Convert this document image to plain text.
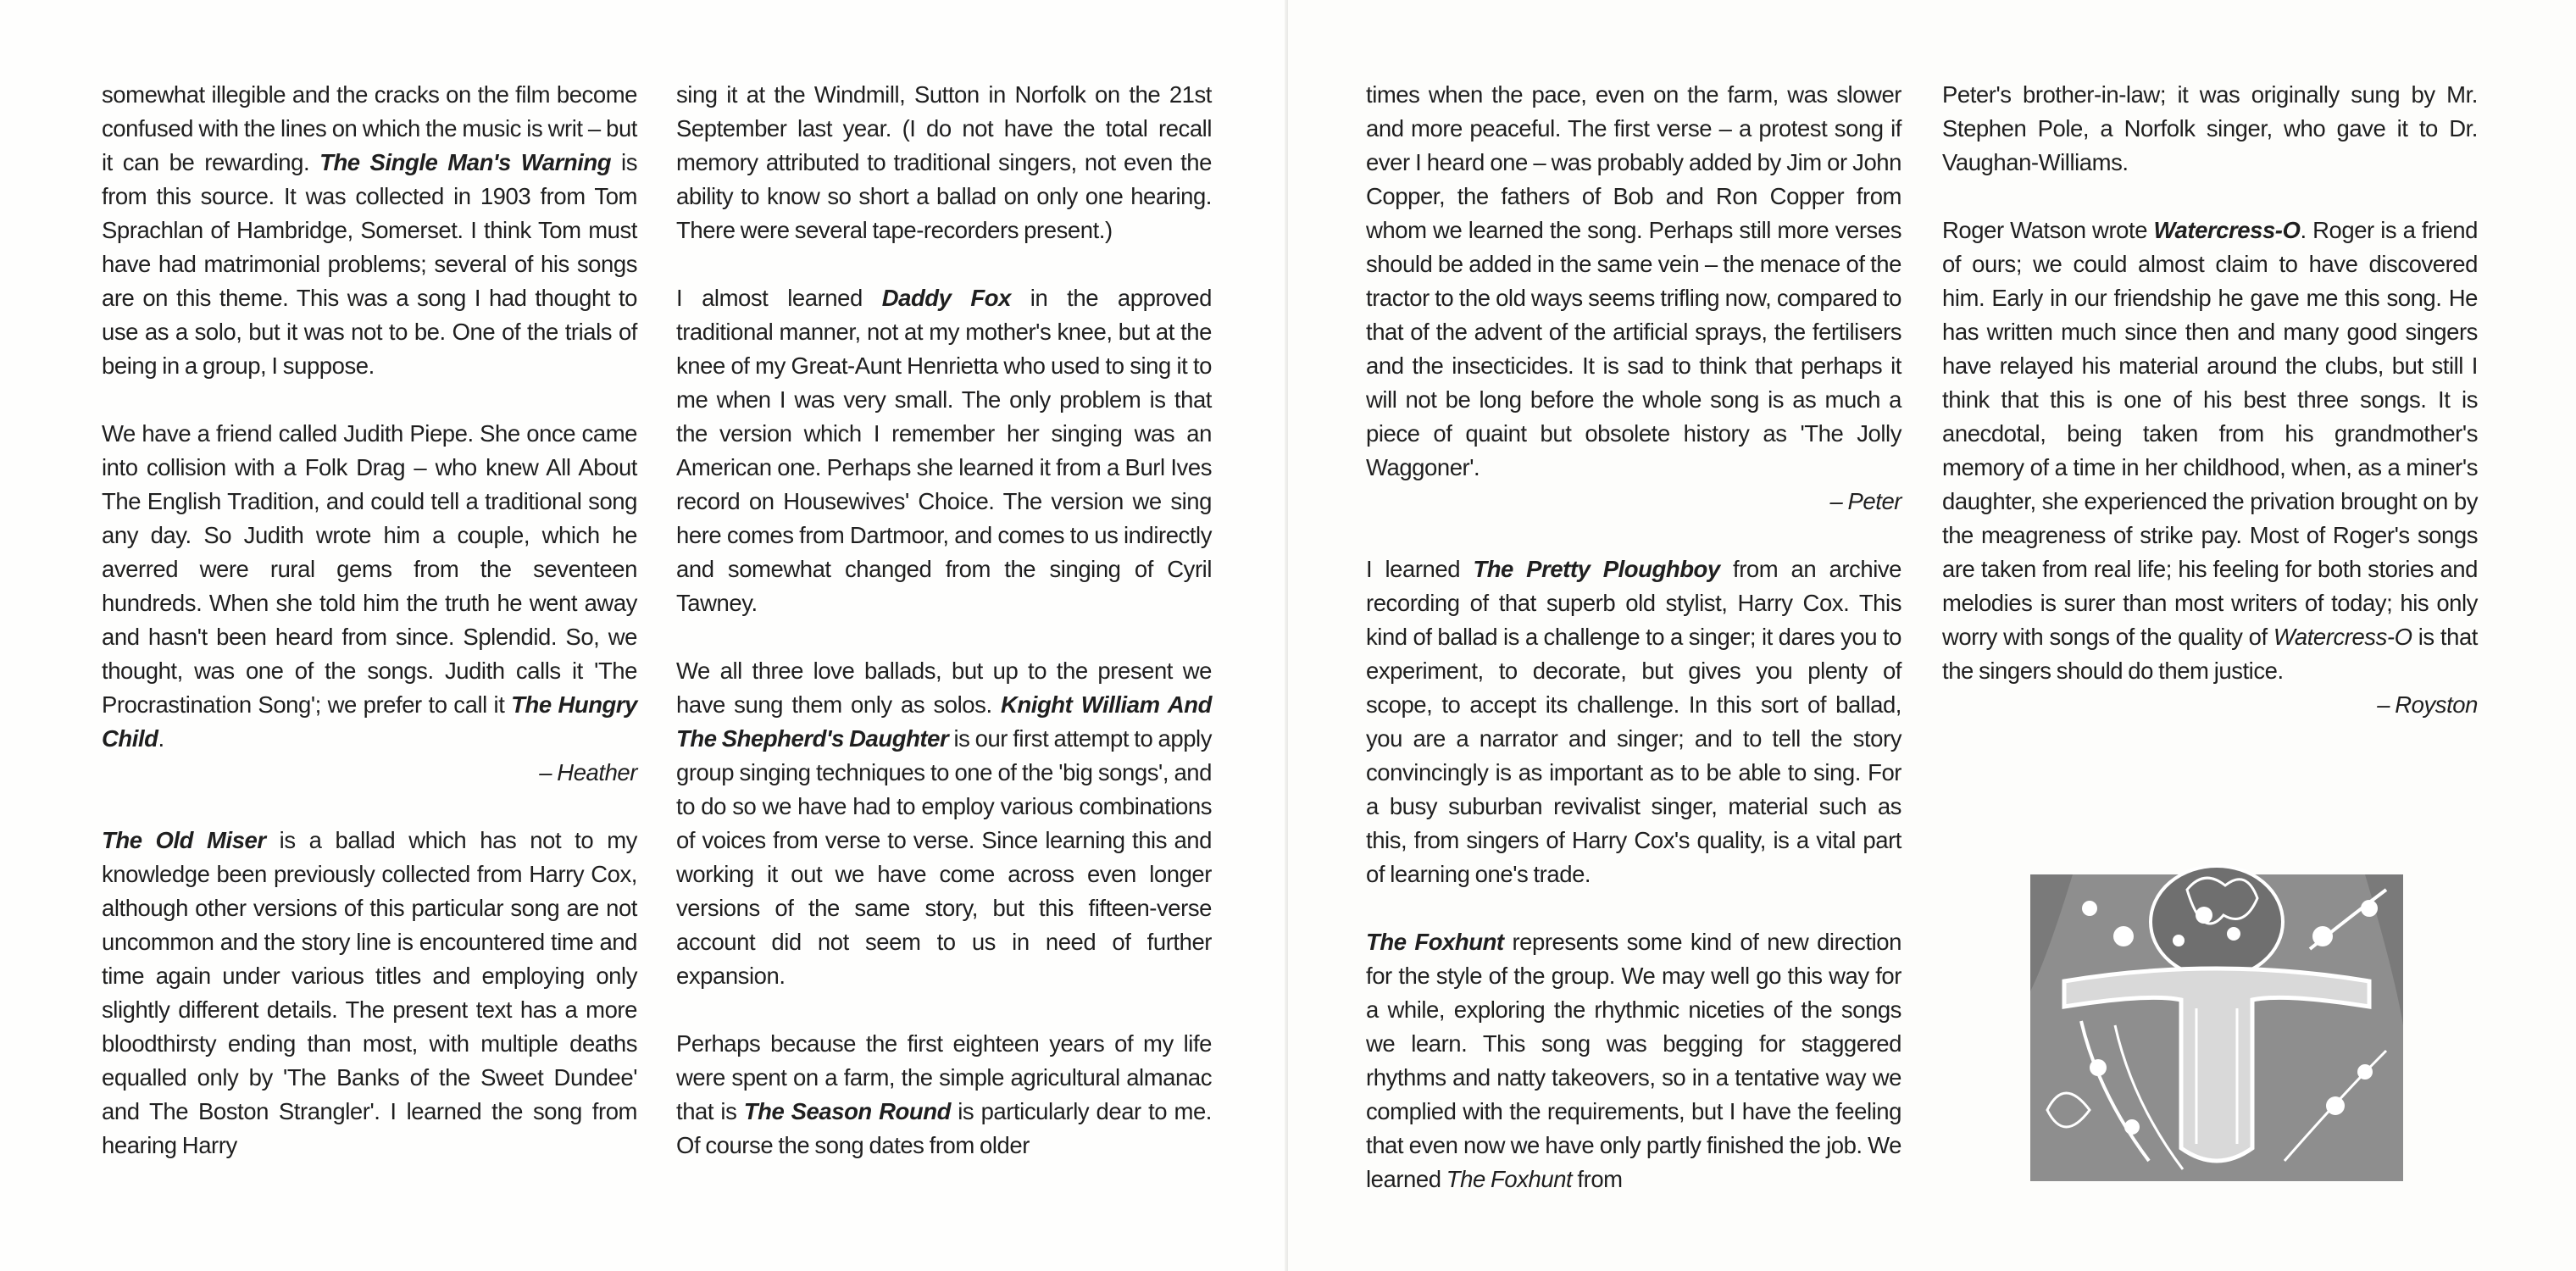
somewhat illegible and the cracks on the film become confused with the lines on which the music is writ – but it can be rewarding. The Single Man's Warning is from this source. It was collected in 1903 from Tom Sprachlan of Hambridge, Somerset. I think Tom must have had matrimonial problems; several of his songs are on this theme. This was a song I had thought to use as a solo, but it was not to be. One of the trials of being in a group, I suppose.

We have a friend called Judith Piepe. She once came into collision with a Folk Drag – who knew All About The English Tradition, and could tell a traditional song any day. So Judith wrote him a couple, which he averred were rural gems from the seventeen hundreds. When she told him the truth he went away and hasn't been heard from since. Splendid. So, we thought, was one of the songs. Judith calls it 'The Procrastination Song'; we prefer to call it The Hungry Child.

– Heather

The Old Miser is a ballad which has not to my knowledge been previously collected from Harry Cox, although other versions of this particular song are not uncommon and the story line is encountered time and time again under various titles and employing only slightly different details. The present text has a more bloodthirsty ending than most, with multiple deaths equalled only by 'The Banks of the Sweet Dundee' and The Boston Strangler'. I learned the song from hearing Harry

sing it at the Windmill, Sutton in Norfolk on the 21st September last year. (I do not have the total recall memory attributed to traditional singers, not even the ability to know so short a ballad on only one hearing. There were several tape-recorders present.)

I almost learned Daddy Fox in the approved traditional manner, not at my mother's knee, but at the knee of my Great-Aunt Henrietta who used to sing it to me when I was very small. The only problem is that the version which I remember her singing was an American one. Perhaps she learned it from a Burl Ives record on Housewives' Choice. The version we sing here comes from Dartmoor, and comes to us indirectly and somewhat changed from the singing of Cyril Tawney.

We all three love ballads, but up to the present we have sung them only as solos. Knight William And The Shepherd's Daughter is our first attempt to apply group singing techniques to one of the 'big songs', and to do so we have had to employ various combinations of voices from verse to verse. Since learning this and working it out we have come across even longer versions of the same story, but this fifteen-verse account did not seem to us in need of further expansion.

Perhaps because the first eighteen years of my life were spent on a farm, the simple agricultural almanac that is The Season Round is particularly dear to me. Of course the song dates from older

times when the pace, even on the farm, was slower and more peaceful. The first verse – a protest song if ever I heard one – was probably added by Jim or John Copper, the fathers of Bob and Ron Copper from whom we learned the song. Perhaps still more verses should be added in the same vein – the menace of the tractor to the old ways seems trifling now, compared to that of the advent of the artificial sprays, the fertilisers and the insecticides. It is sad to think that perhaps it will not be long before the whole song is as much a piece of quaint but obsolete history as 'The Jolly Waggoner'.

– Peter

I learned The Pretty Ploughboy from an archive recording of that superb old stylist, Harry Cox. This kind of ballad is a challenge to a singer; it dares you to experiment, to decorate, but gives you plenty of scope, to accept its challenge. In this sort of ballad, you are a narrator and singer; and to tell the story convincingly is as important as to be able to sing. For a busy suburban revivalist singer, material such as this, from singers of Harry Cox's quality, is a vital part of learning one's trade.

The Foxhunt represents some kind of new direction for the style of the group. We may well go this way for a while, exploring the rhythmic niceties of the songs we learn. This song was begging for staggered rhythms and natty takeovers, so in a tentative way we complied with the requirements, but I have the feeling that even now we have only partly finished the job. We learned The Foxhunt from

Peter's brother-in-law; it was originally sung by Mr. Stephen Pole, a Norfolk singer, who gave it to Dr. Vaughan-Williams.

Roger Watson wrote Watercress-O. Roger is a friend of ours; we could almost claim to have discovered him. Early in our friendship he gave me this song. He has written much since then and many good singers have relayed his material around the clubs, but still I think that this is one of his best three songs. It is anecdotal, being taken from his grandmother's memory of a time in her childhood, when, as a miner's daughter, she experienced the privation brought on by the meagreness of strike pay. Most of Roger's songs are taken from real life; his feeling for both stories and melodies is surer than most writers of today; his only worry with songs of the quality of Watercress-O is that the singers should do them justice.

– Royston
